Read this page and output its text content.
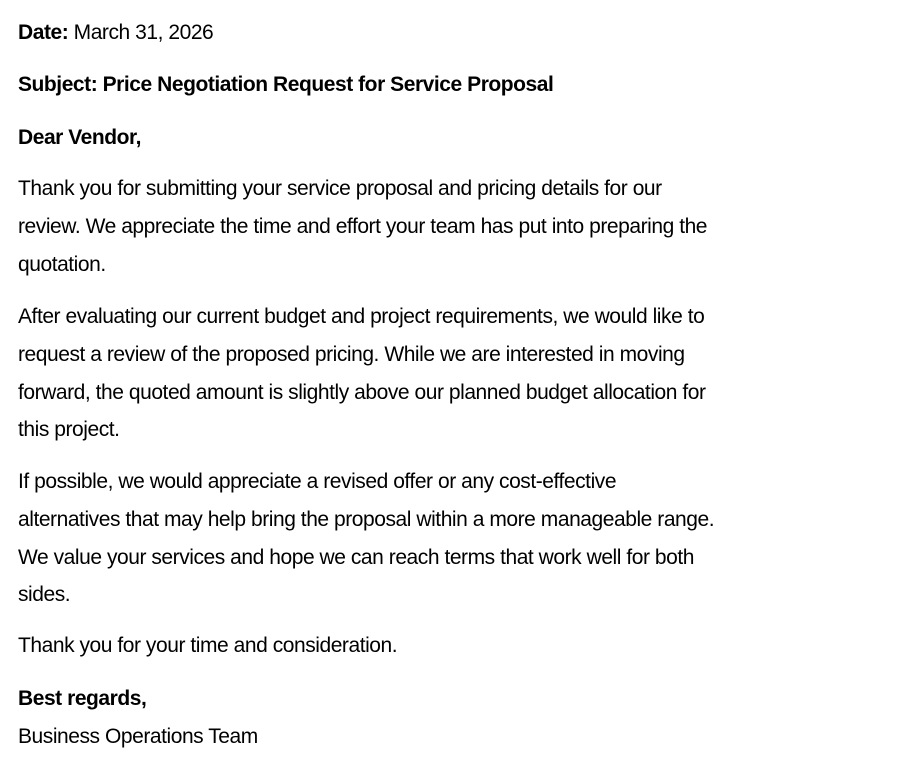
Date: March 31, 2026
Subject: Price Negotiation Request for Service Proposal
Dear Vendor,
Thank you for submitting your service proposal and pricing details for our
review. We appreciate the time and effort your team has put into preparing the
quotation.
After evaluating our current budget and project requirements, we would like to
request a review of the proposed pricing. While we are interested in moving
forward, the quoted amount is slightly above our planned budget allocation for
this project.
If possible, we would appreciate a revised offer or any cost-effective
alternatives that may help bring the proposal within a more manageable range.
We value your services and hope we can reach terms that work well for both
sides.
Thank you for your time and consideration.
Best regards,
Business Operations Team
